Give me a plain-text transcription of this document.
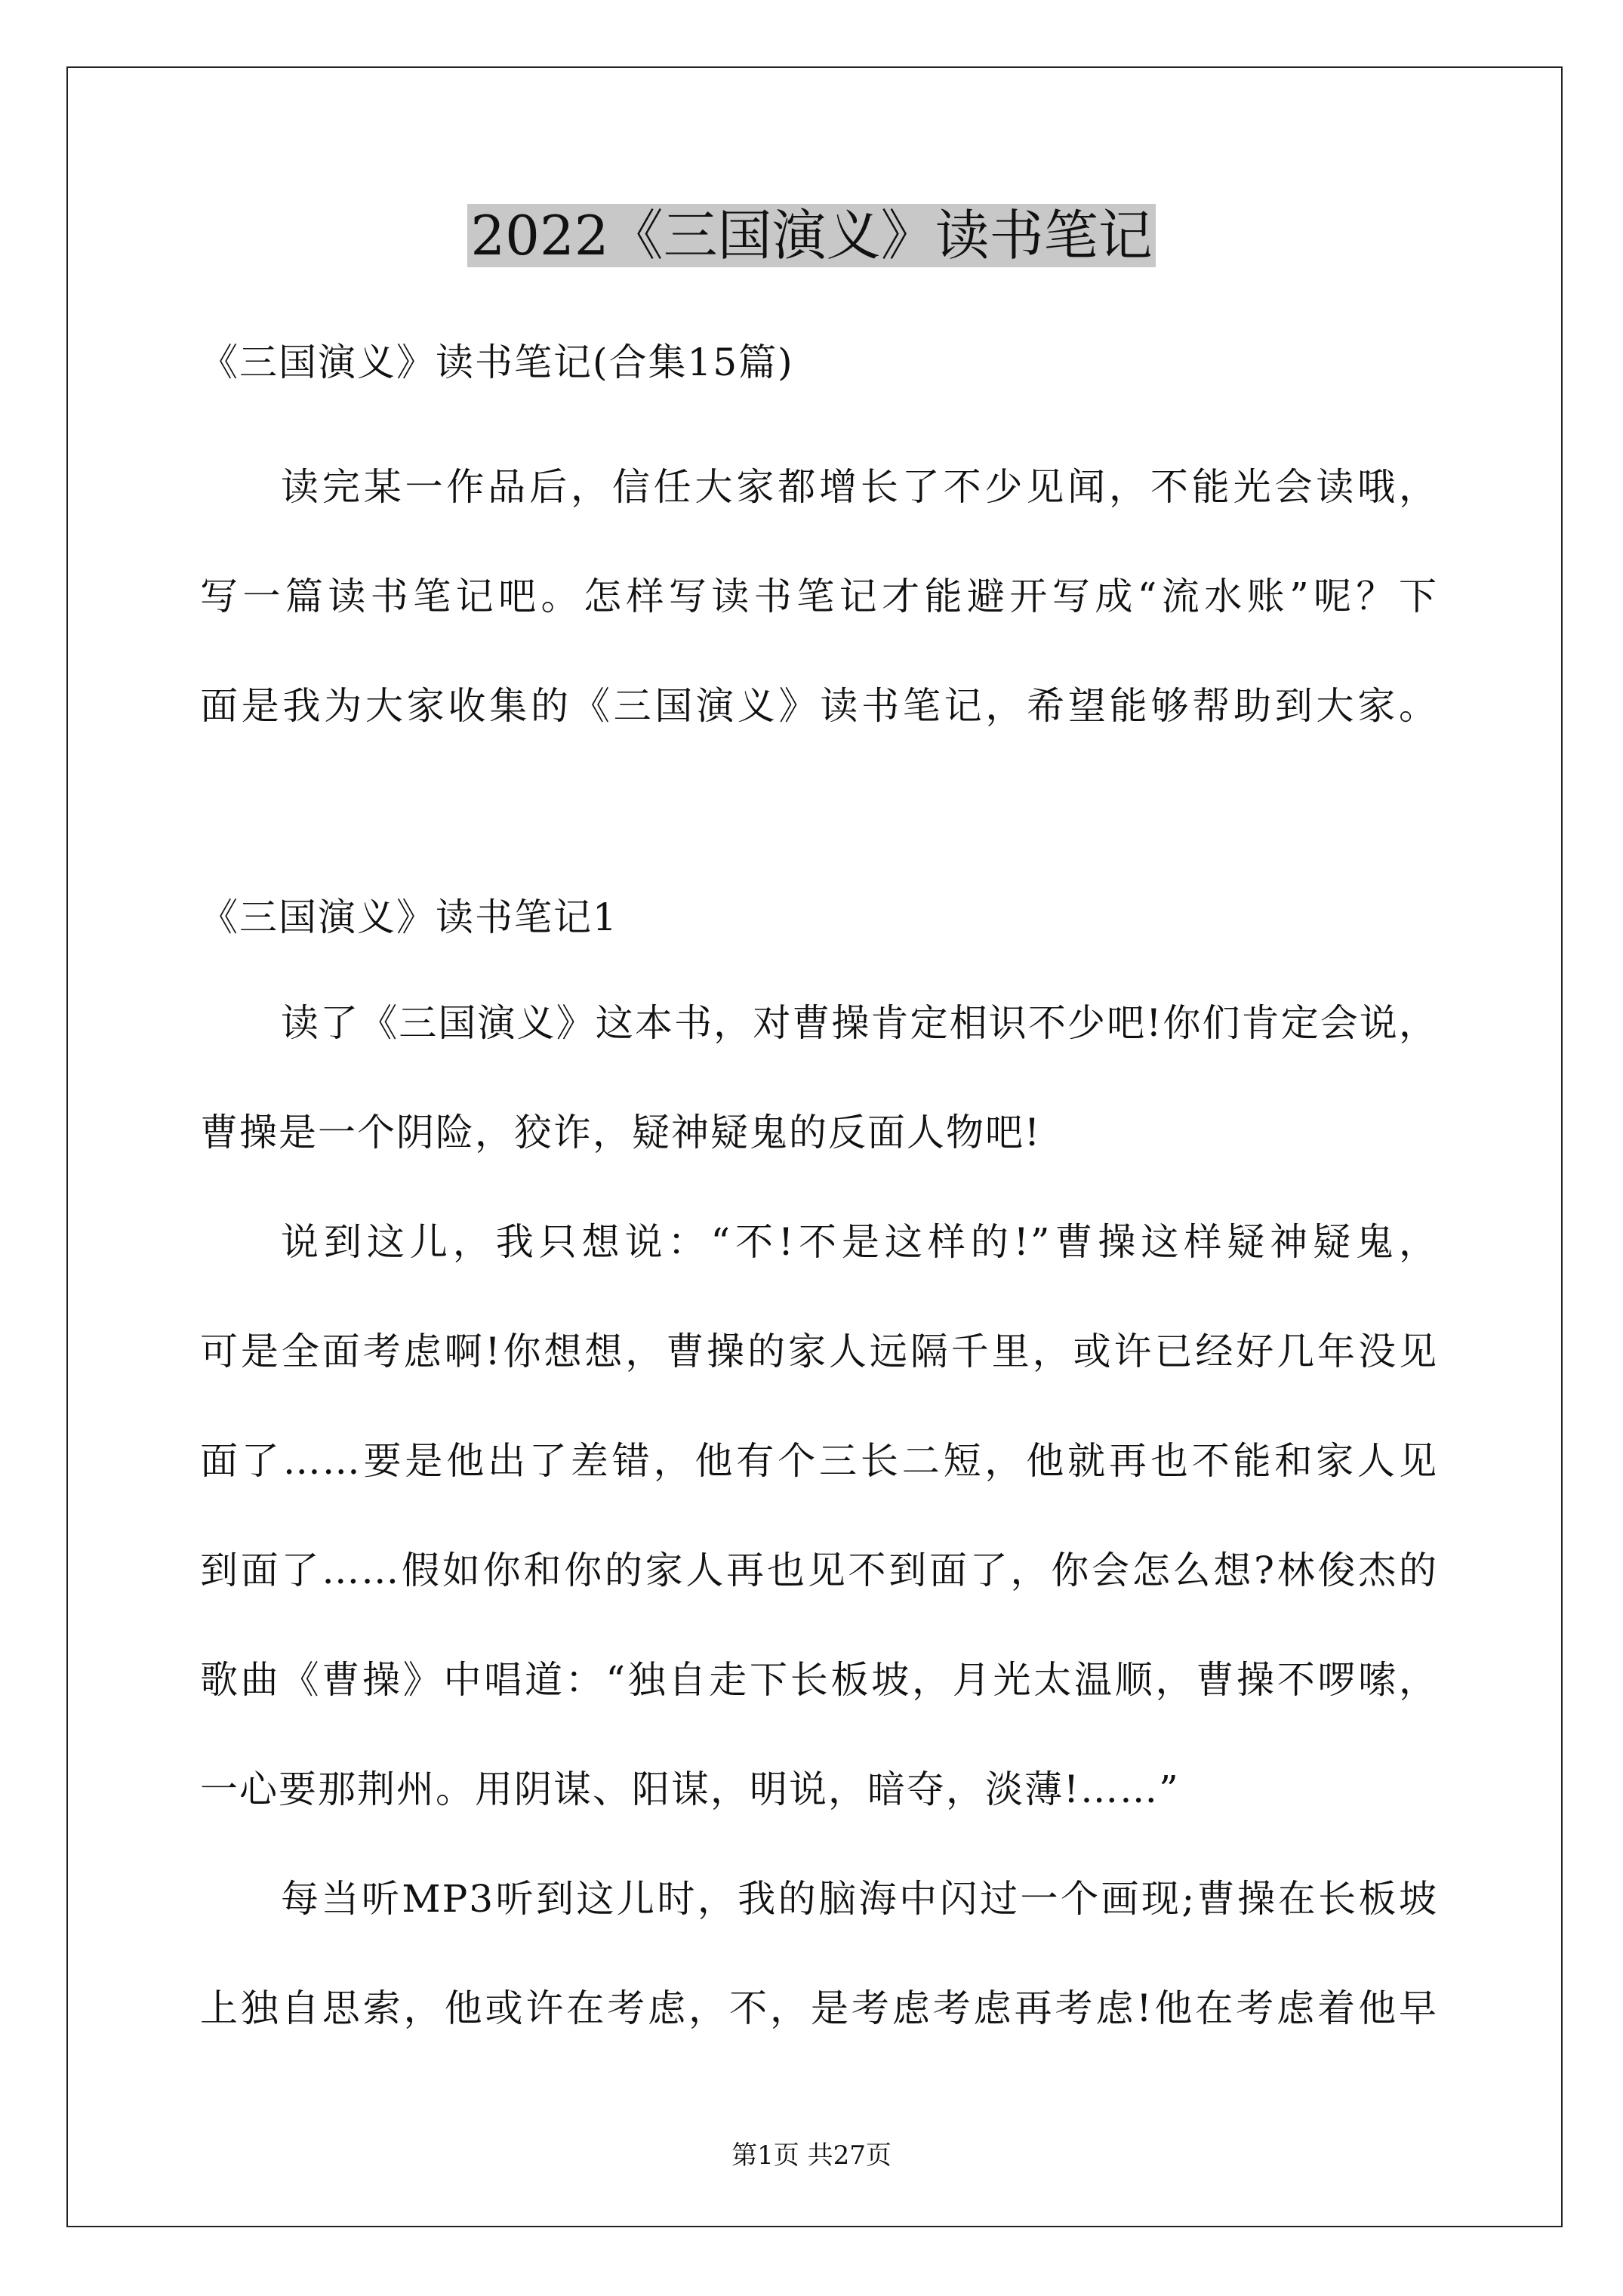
2022《三国演义》读书笔记
《三国演义》读书笔记(合集15篇)
读完某一作品后，信任大家都增长了不少见闻，不能光会读哦，
写一篇读书笔记吧。怎样写读书笔记才能避开写成“流水账”呢？下
面是我为大家收集的《三国演义》读书笔记，希望能够帮助到大家。
《三国演义》读书笔记1
读了《三国演义》这本书，对曹操肯定相识不少吧!你们肯定会说，
曹操是一个阴险，狡诈，疑神疑鬼的反面人物吧!
说到这儿，我只想说：“不!不是这样的!”曹操这样疑神疑鬼，
可是全面考虑啊!你想想，曹操的家人远隔千里，或许已经好几年没见
面了……要是他出了差错，他有个三长二短，他就再也不能和家人见
到面了……假如你和你的家人再也见不到面了，你会怎么想?林俊杰的
歌曲《曹操》中唱道：“独自走下长板坡，月光太温顺，曹操不啰嗦，
一心要那荆州。用阴谋、阳谋，明说，暗夺，淡薄!……”
每当听MP3听到这儿时，我的脑海中闪过一个画现;曹操在长板坡
上独自思索，他或许在考虑，不，是考虑考虑再考虑!他在考虑着他早
第1页 共27页
